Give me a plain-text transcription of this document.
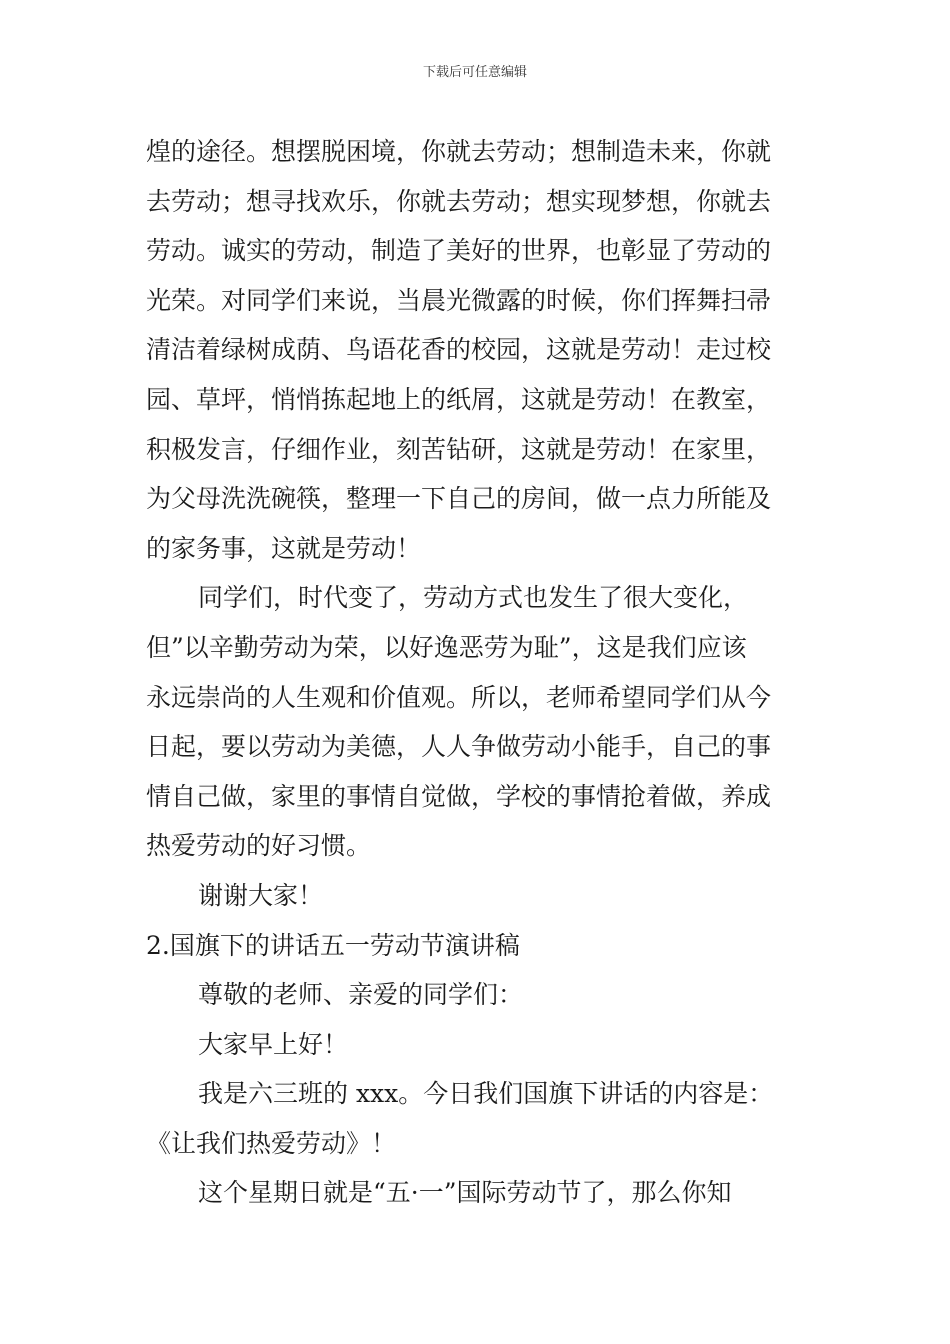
下载后可任意编辑
煌的途径。想摆脱困境，你就去劳动；想制造未来，你就
去劳动；想寻找欢乐，你就去劳动；想实现梦想，你就去
劳动。诚实的劳动，制造了美好的世界，也彰显了劳动的
光荣。对同学们来说，当晨光微露的时候，你们挥舞扫帚
清洁着绿树成荫、鸟语花香的校园，这就是劳动！走过校
园、草坪，悄悄拣起地上的纸屑，这就是劳动！在教室，
积极发言，仔细作业，刻苦钻研，这就是劳动！在家里，
为父母洗洗碗筷，整理一下自己的房间，做一点力所能及
的家务事，这就是劳动！
同学们，时代变了，劳动方式也发生了很大变化，
但”以辛勤劳动为荣，以好逸恶劳为耻”，这是我们应该
永远崇尚的人生观和价值观。所以，老师希望同学们从今
日起，要以劳动为美德，人人争做劳动小能手，自己的事
情自己做，家里的事情自觉做，学校的事情抢着做，养成
热爱劳动的好习惯。
谢谢大家！
2.国旗下的讲话五一劳动节演讲稿
尊敬的老师、亲爱的同学们：
大家早上好！
我是六三班的 xxx。今日我们国旗下讲话的内容是：
《让我们热爱劳动》！
这个星期日就是“五·一”国际劳动节了，那么你知
